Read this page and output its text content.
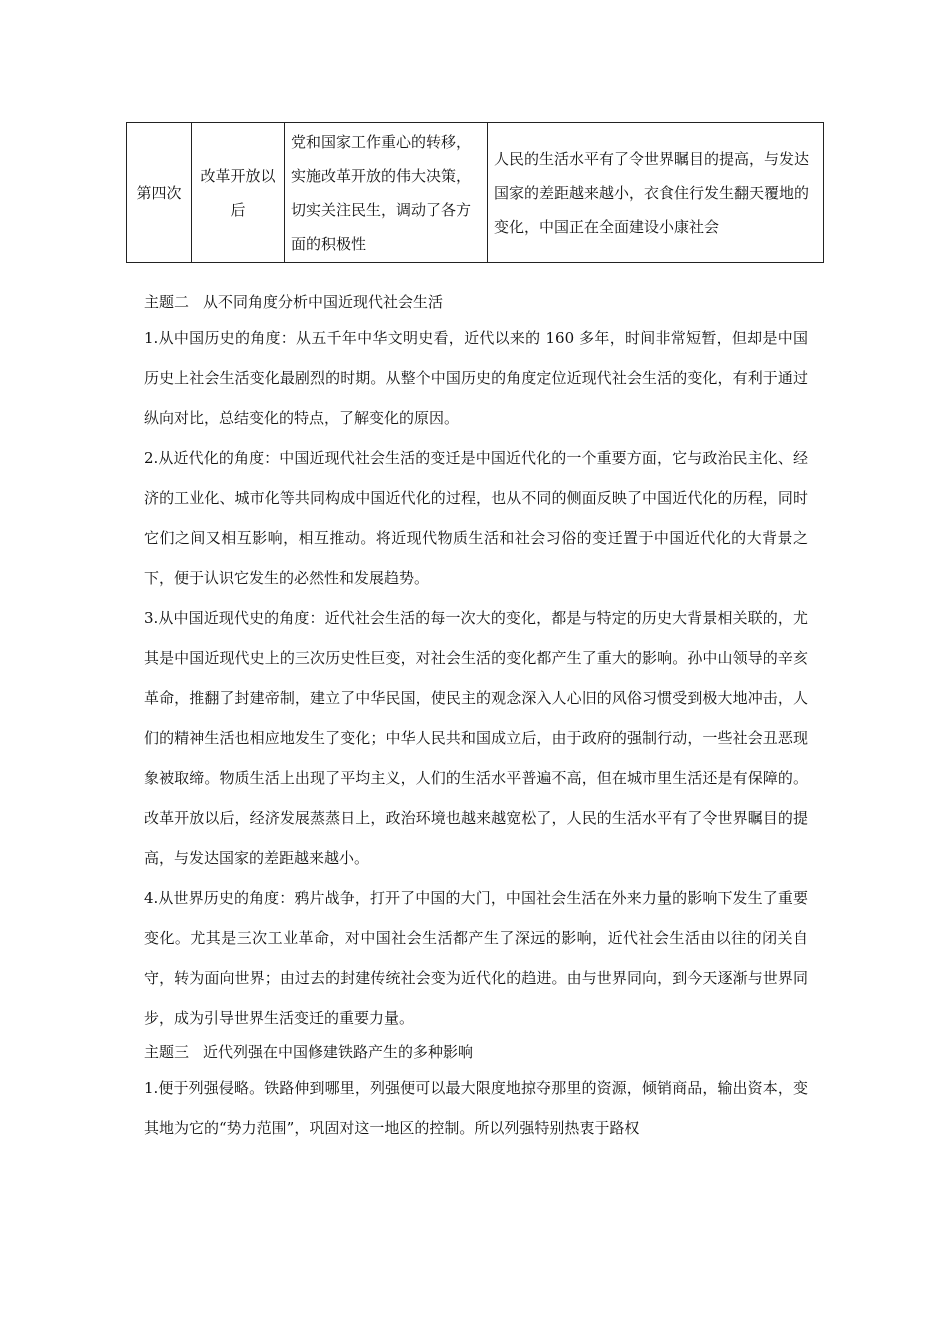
第四次	改革开放以后	党和国家工作重心的转移，实施改革开放的伟大决策，切实关注民生，调动了各方面的积极性	人民的生活水平有了令世界瞩目的提高，与发达国家的差距越来越小，衣食住行发生翻天覆地的变化，中国正在全面建设小康社会

主题二 从不同角度分析中国近现代社会生活

1.从中国历史的角度：从五千年中华文明史看，近代以来的 160 多年，时间非常短暂，但却是中国历史上社会生活变化最剧烈的时期。从整个中国历史的角度定位近现代社会生活的变化，有利于通过纵向对比，总结变化的特点，了解变化的原因。

2.从近代化的角度：中国近现代社会生活的变迁是中国近代化的一个重要方面，它与政治民主化、经济的工业化、城市化等共同构成中国近代化的过程，也从不同的侧面反映了中国近代化的历程，同时它们之间又相互影响，相互推动。将近现代物质生活和社会习俗的变迁置于中国近代化的大背景之下，便于认识它发生的必然性和发展趋势。

3.从中国近现代史的角度：近代社会生活的每一次大的变化，都是与特定的历史大背景相关联的，尤其是中国近现代史上的三次历史性巨变，对社会生活的变化都产生了重大的影响。孙中山领导的辛亥革命，推翻了封建帝制，建立了中华民国，使民主的观念深入人心旧的风俗习惯受到极大地冲击，人们的精神生活也相应地发生了变化；中华人民共和国成立后，由于政府的强制行动，一些社会丑恶现象被取缔。物质生活上出现了平均主义，人们的生活水平普遍不高，但在城市里生活还是有保障的。改革开放以后，经济发展蒸蒸日上，政治环境也越来越宽松了，人民的生活水平有了令世界瞩目的提高，与发达国家的差距越来越小。

4.从世界历史的角度：鸦片战争，打开了中国的大门，中国社会生活在外来力量的影响下发生了重要变化。尤其是三次工业革命，对中国社会生活都产生了深远的影响，近代社会生活由以往的闭关自守，转为面向世界；由过去的封建传统社会变为近代化的趋进。由与世界同向，到今天逐渐与世界同步，成为引导世界生活变迁的重要力量。

主题三 近代列强在中国修建铁路产生的多种影响

1.便于列强侵略。铁路伸到哪里，列强便可以最大限度地掠夺那里的资源，倾销商品，输出资本，变其地为它的“势力范围”，巩固对这一地区的控制。所以列强特别热衷于路权
